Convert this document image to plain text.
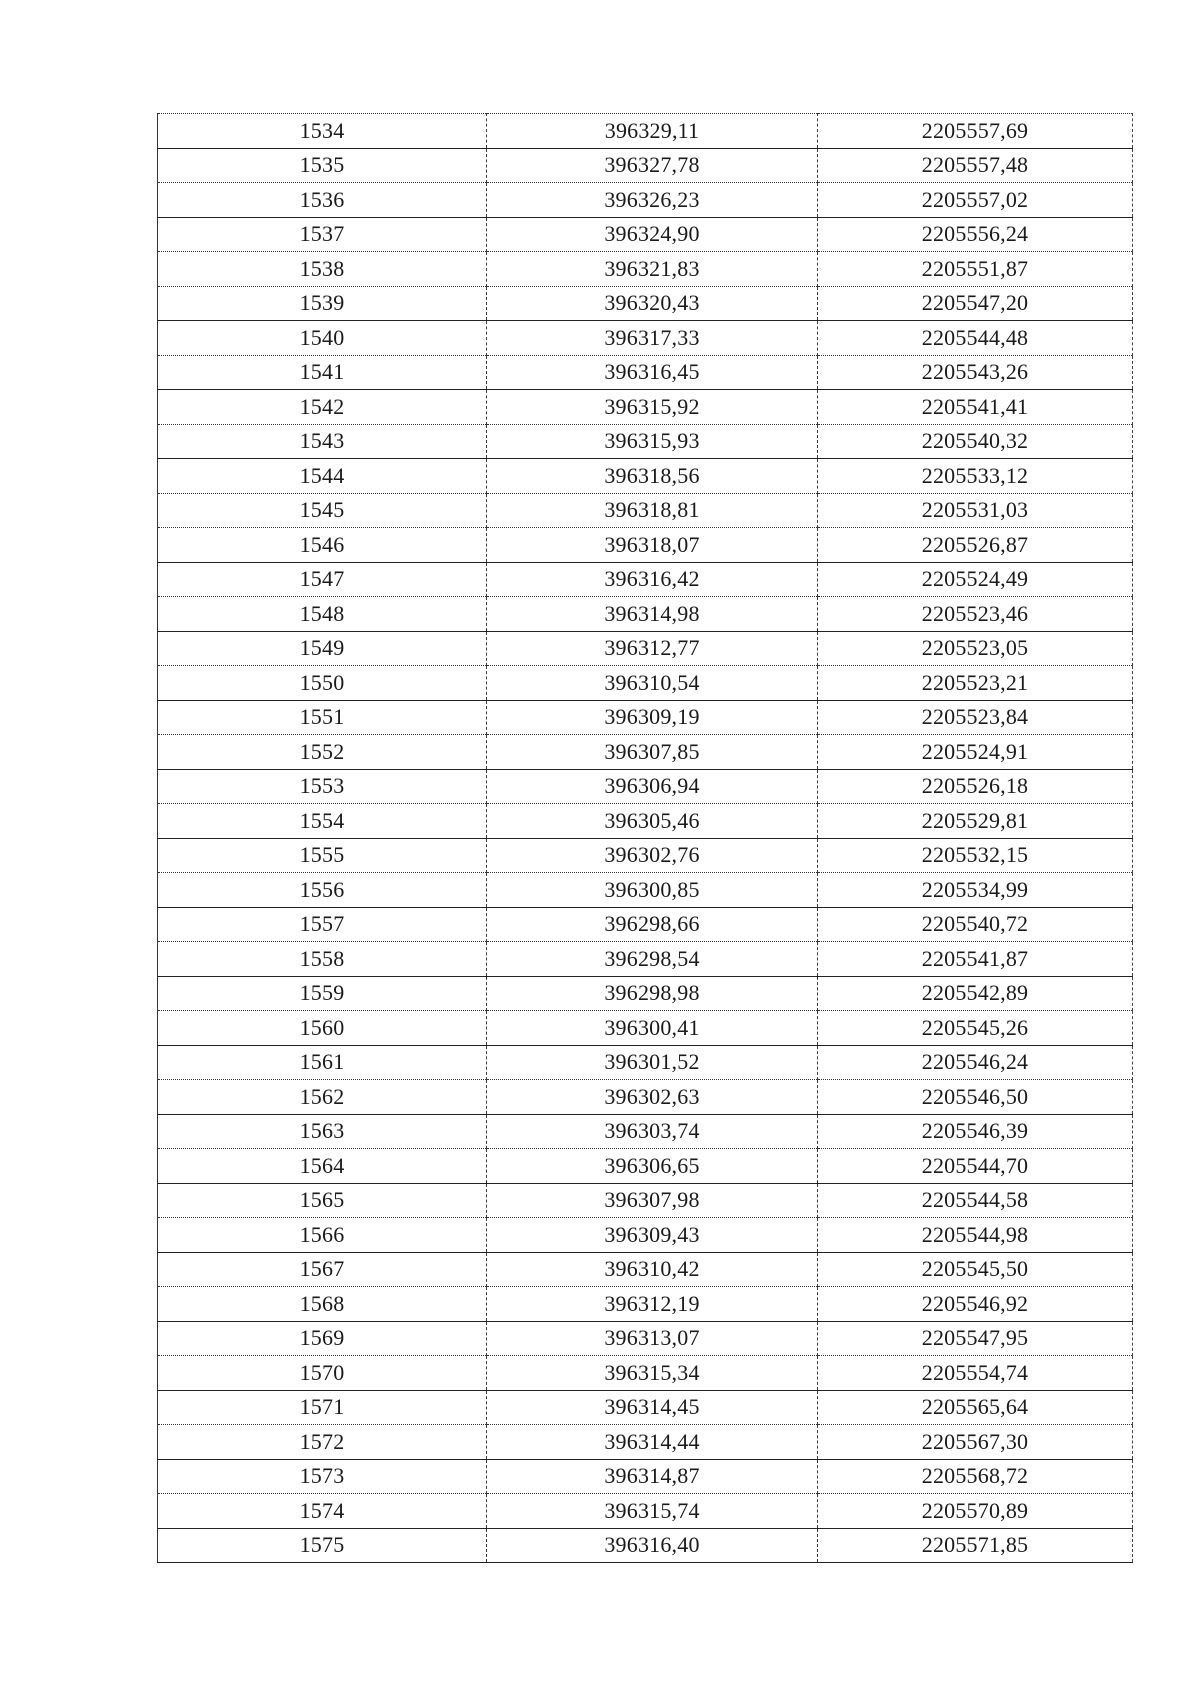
1534	396329,11	2205557,69
1535	396327,78	2205557,48
1536	396326,23	2205557,02
1537	396324,90	2205556,24
1538	396321,83	2205551,87
1539	396320,43	2205547,20
1540	396317,33	2205544,48
1541	396316,45	2205543,26
1542	396315,92	2205541,41
1543	396315,93	2205540,32
1544	396318,56	2205533,12
1545	396318,81	2205531,03
1546	396318,07	2205526,87
1547	396316,42	2205524,49
1548	396314,98	2205523,46
1549	396312,77	2205523,05
1550	396310,54	2205523,21
1551	396309,19	2205523,84
1552	396307,85	2205524,91
1553	396306,94	2205526,18
1554	396305,46	2205529,81
1555	396302,76	2205532,15
1556	396300,85	2205534,99
1557	396298,66	2205540,72
1558	396298,54	2205541,87
1559	396298,98	2205542,89
1560	396300,41	2205545,26
1561	396301,52	2205546,24
1562	396302,63	2205546,50
1563	396303,74	2205546,39
1564	396306,65	2205544,70
1565	396307,98	2205544,58
1566	396309,43	2205544,98
1567	396310,42	2205545,50
1568	396312,19	2205546,92
1569	396313,07	2205547,95
1570	396315,34	2205554,74
1571	396314,45	2205565,64
1572	396314,44	2205567,30
1573	396314,87	2205568,72
1574	396315,74	2205570,89
1575	396316,40	2205571,85
